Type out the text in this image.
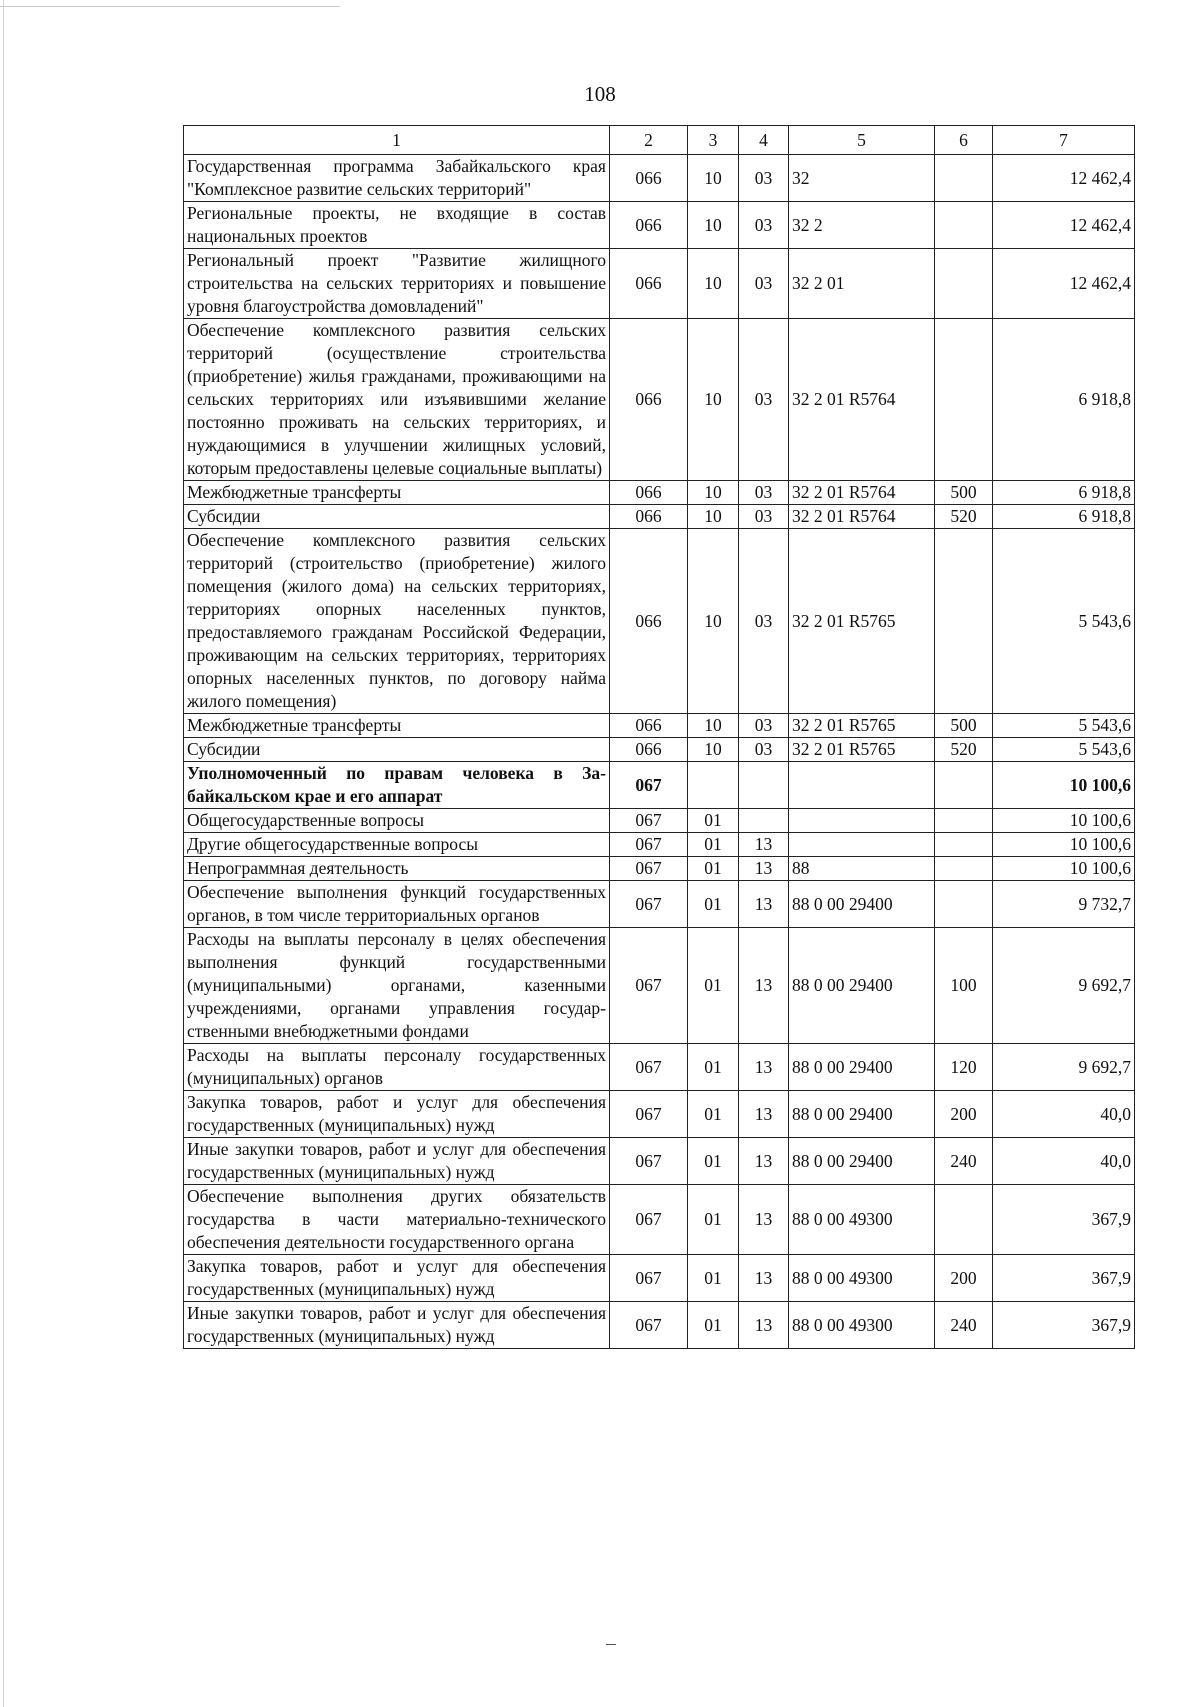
108
1	2	3	4	5	6	7
Государственная программа Забайкальского края "Комплексное развитие сельских территорий"	066	10	03	32		12 462,4
Региональные проекты, не входящие в состав национальных проектов	066	10	03	32 2		12 462,4
Региональный проект "Развитие жилищного строительства на сельских территориях и повышение уровня благоустройства домовладений"	066	10	03	32 2 01		12 462,4
Обеспечение комплексного развития сельских территорий (осуществление строительства (приобретение) жилья гражданами, проживающими на сельских территориях или изъявившими желание постоянно проживать на сельских территориях, и нуждающимися в улучшении жилищных условий, которым предоставлены целевые социальные выплаты)	066	10	03	32 2 01 R5764		6 918,8
Межбюджетные трансферты	066	10	03	32 2 01 R5764	500	6 918,8
Субсидии	066	10	03	32 2 01 R5764	520	6 918,8
Обеспечение комплексного развития сельских территорий (строительство (приобретение) жилого помещения (жилого дома) на сельских территориях, территориях опорных населенных пунктов, предоставляемого гражданам Российской Федерации, проживающим на сельских территориях, территориях опорных населенных пунктов, по договору найма жилого помещения)	066	10	03	32 2 01 R5765		5 543,6
Межбюджетные трансферты	066	10	03	32 2 01 R5765	500	5 543,6
Субсидии	066	10	03	32 2 01 R5765	520	5 543,6
Уполномоченный по правам человека в Забайкальском крае и его аппарат	067					10 100,6
Общегосударственные вопросы	067	01				10 100,6
Другие общегосударственные вопросы	067	01	13			10 100,6
Непрограммная деятельность	067	01	13	88		10 100,6
Обеспечение выполнения функций государственных органов, в том числе территориальных органов	067	01	13	88 0 00 29400		9 732,7
Расходы на выплаты персоналу в целях обеспечения выполнения функций государственными (муниципальными) органами, казенными учреждениями, органами управления государственными внебюджетными фондами	067	01	13	88 0 00 29400	100	9 692,7
Расходы на выплаты персоналу государственных (муниципальных) органов	067	01	13	88 0 00 29400	120	9 692,7
Закупка товаров, работ и услуг для обеспечения государственных (муниципальных) нужд	067	01	13	88 0 00 29400	200	40,0
Иные закупки товаров, работ и услуг для обеспечения государственных (муниципальных) нужд	067	01	13	88 0 00 29400	240	40,0
Обеспечение выполнения других обязательств государства в части материально-технического обеспечения деятельности государственного органа	067	01	13	88 0 00 49300		367,9
Закупка товаров, работ и услуг для обеспечения государственных (муниципальных) нужд	067	01	13	88 0 00 49300	200	367,9
Иные закупки товаров, работ и услуг для обеспечения государственных (муниципальных) нужд	067	01	13	88 0 00 49300	240	367,9
